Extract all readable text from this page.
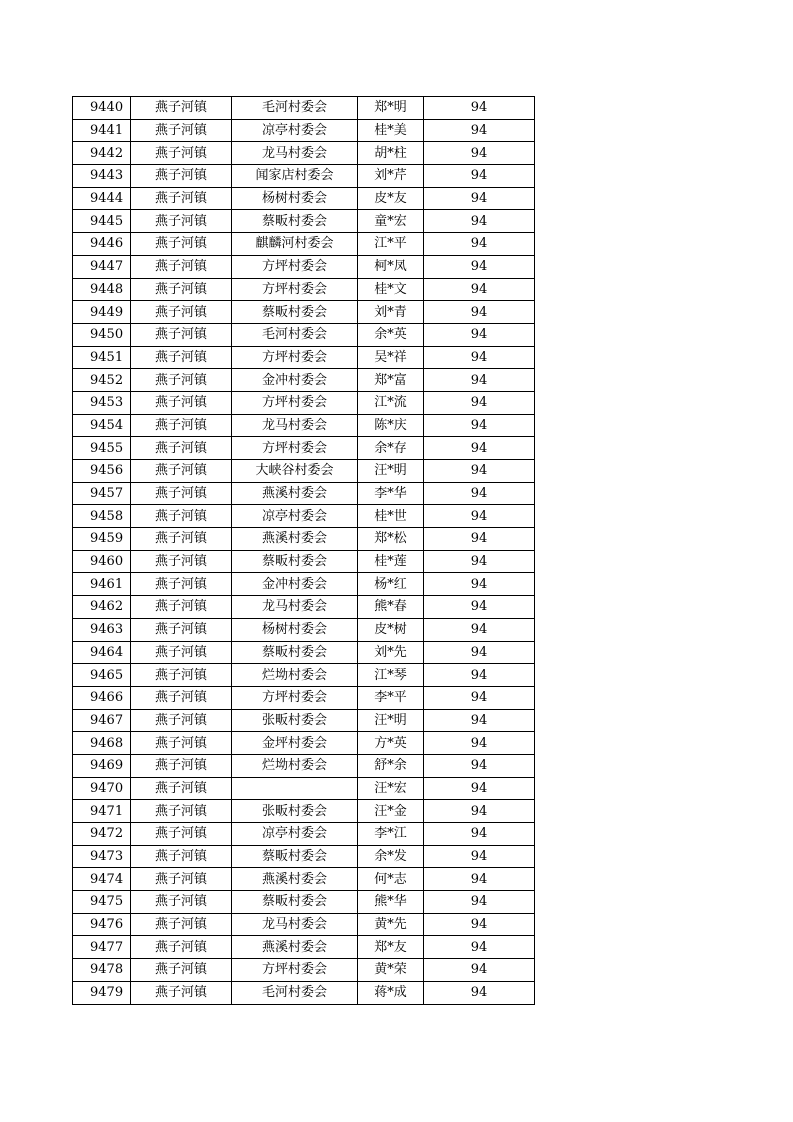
9440	燕子河镇	毛河村委会	郑*明	94
9441	燕子河镇	凉亭村委会	桂*美	94
9442	燕子河镇	龙马村委会	胡*柱	94
9443	燕子河镇	闻家店村委会	刘*芹	94
9444	燕子河镇	杨树村委会	皮*友	94
9445	燕子河镇	蔡畈村委会	童*宏	94
9446	燕子河镇	麒麟河村委会	江*平	94
9447	燕子河镇	方坪村委会	柯*凤	94
9448	燕子河镇	方坪村委会	桂*文	94
9449	燕子河镇	蔡畈村委会	刘*青	94
9450	燕子河镇	毛河村委会	余*英	94
9451	燕子河镇	方坪村委会	吴*祥	94
9452	燕子河镇	金冲村委会	郑*富	94
9453	燕子河镇	方坪村委会	江*流	94
9454	燕子河镇	龙马村委会	陈*庆	94
9455	燕子河镇	方坪村委会	余*存	94
9456	燕子河镇	大峡谷村委会	汪*明	94
9457	燕子河镇	燕溪村委会	李*华	94
9458	燕子河镇	凉亭村委会	桂*世	94
9459	燕子河镇	燕溪村委会	郑*松	94
9460	燕子河镇	蔡畈村委会	桂*莲	94
9461	燕子河镇	金冲村委会	杨*红	94
9462	燕子河镇	龙马村委会	熊*春	94
9463	燕子河镇	杨树村委会	皮*树	94
9464	燕子河镇	蔡畈村委会	刘*先	94
9465	燕子河镇	烂坳村委会	江*琴	94
9466	燕子河镇	方坪村委会	李*平	94
9467	燕子河镇	张畈村委会	汪*明	94
9468	燕子河镇	金坪村委会	方*英	94
9469	燕子河镇	烂坳村委会	舒*余	94
9470	燕子河镇		汪*宏	94
9471	燕子河镇	张畈村委会	汪*金	94
9472	燕子河镇	凉亭村委会	李*江	94
9473	燕子河镇	蔡畈村委会	余*发	94
9474	燕子河镇	燕溪村委会	何*志	94
9475	燕子河镇	蔡畈村委会	熊*华	94
9476	燕子河镇	龙马村委会	黄*先	94
9477	燕子河镇	燕溪村委会	郑*友	94
9478	燕子河镇	方坪村委会	黄*荣	94
9479	燕子河镇	毛河村委会	蒋*成	94
